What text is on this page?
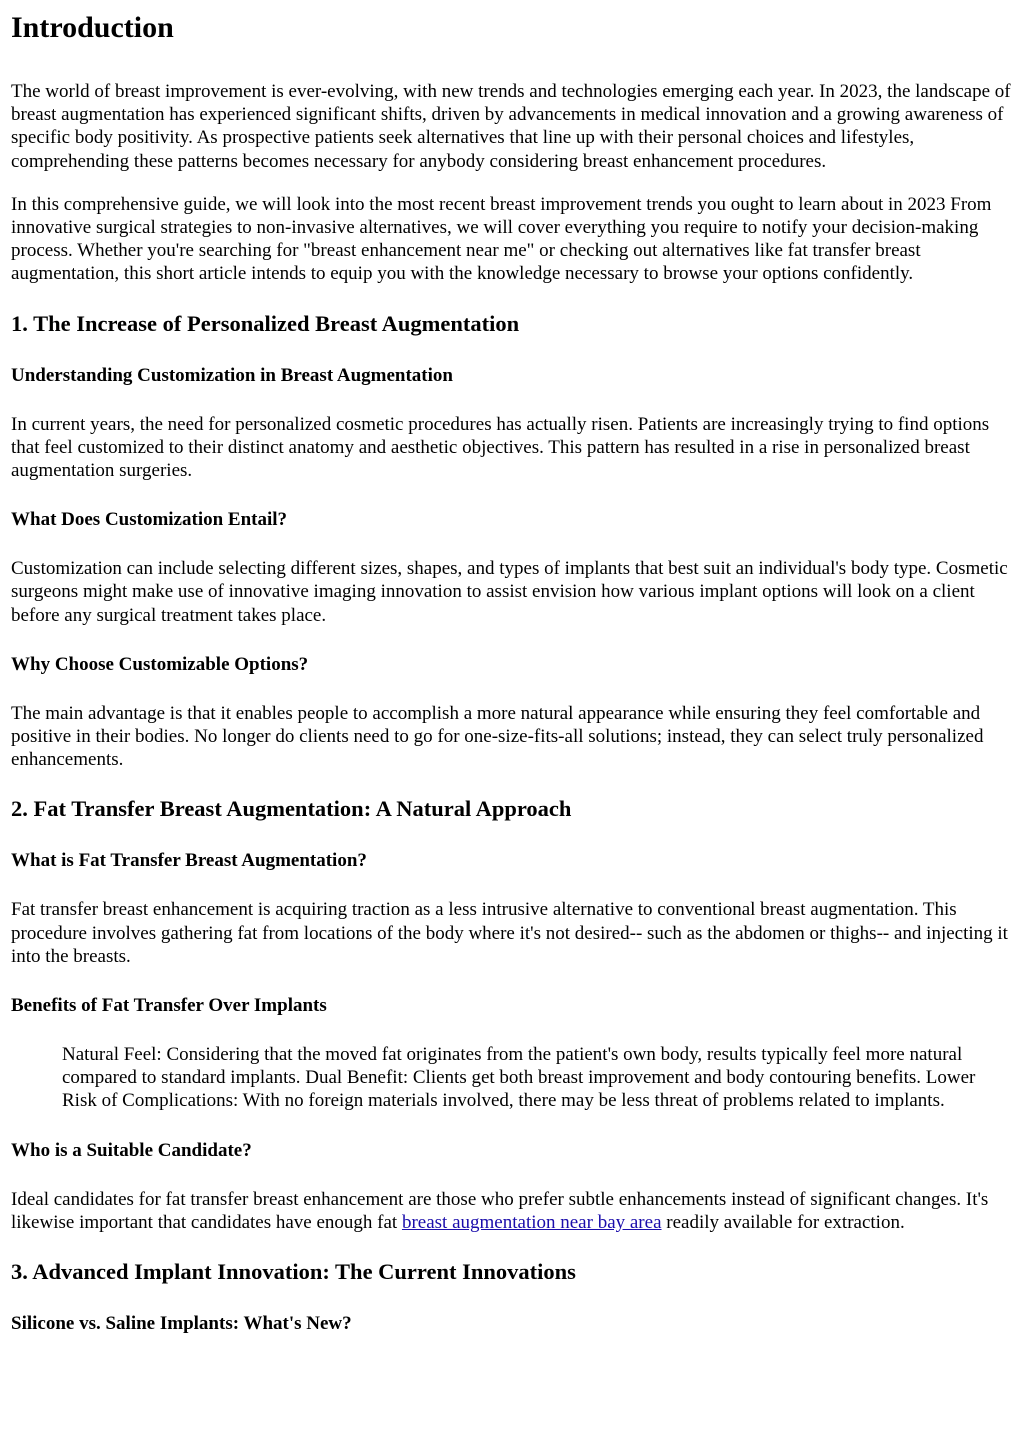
Introduction

The world of breast improvement is ever-evolving, with new trends and technologies emerging each year. In 2023, the landscape of breast augmentation has experienced significant shifts, driven by advancements in medical innovation and a growing awareness of specific body positivity. As prospective patients seek alternatives that line up with their personal choices and lifestyles, comprehending these patterns becomes necessary for anybody considering breast enhancement procedures.

In this comprehensive guide, we will look into the most recent breast improvement trends you ought to learn about in 2023 From innovative surgical strategies to non-invasive alternatives, we will cover everything you require to notify your decision-making process. Whether you're searching for "breast enhancement near me" or checking out alternatives like fat transfer breast augmentation, this short article intends to equip you with the knowledge necessary to browse your options confidently.

1. The Increase of Personalized Breast Augmentation
Understanding Customization in Breast Augmentation

In current years, the need for personalized cosmetic procedures has actually risen. Patients are increasingly trying to find options that feel customized to their distinct anatomy and aesthetic objectives. This pattern has resulted in a rise in personalized breast augmentation surgeries.

What Does Customization Entail?

Customization can include selecting different sizes, shapes, and types of implants that best suit an individual's body type. Cosmetic surgeons might make use of innovative imaging innovation to assist envision how various implant options will look on a client before any surgical treatment takes place.

Why Choose Customizable Options?

The main advantage is that it enables people to accomplish a more natural appearance while ensuring they feel comfortable and positive in their bodies. No longer do clients need to go for one-size-fits-all solutions; instead, they can select truly personalized enhancements.

2. Fat Transfer Breast Augmentation: A Natural Approach
What is Fat Transfer Breast Augmentation?

Fat transfer breast enhancement is acquiring traction as a less intrusive alternative to conventional breast augmentation. This procedure involves gathering fat from locations of the body where it's not desired-- such as the abdomen or thighs-- and injecting it into the breasts.

Benefits of Fat Transfer Over Implants
Natural Feel: Considering that the moved fat originates from the patient's own body, results typically feel more natural compared to standard implants. Dual Benefit: Clients get both breast improvement and body contouring benefits. Lower Risk of Complications: With no foreign materials involved, there may be less threat of problems related to implants.
Who is a Suitable Candidate?

Ideal candidates for fat transfer breast enhancement are those who prefer subtle enhancements instead of significant changes. It's likewise important that candidates have enough fat breast augmentation near bay area readily available for extraction.

3. Advanced Implant Innovation: The Current Innovations
Silicone vs. Saline Implants: What's New?
